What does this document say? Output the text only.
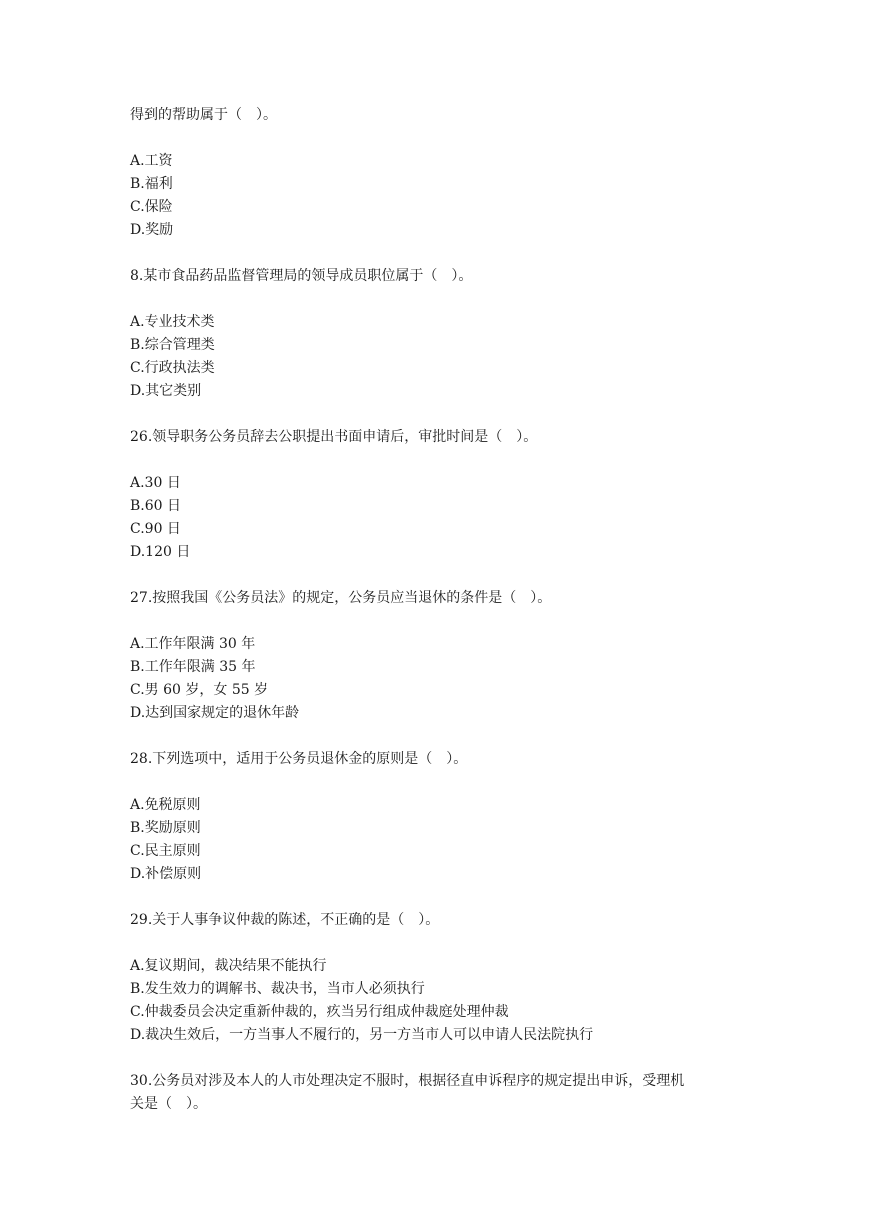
得到的帮助属于（　）。
A.工资
B.福利
C.保险
D.奖励
8.某市食品药品监督管理局的领导成员职位属于（　）。
A.专业技术类
B.综合管理类
C.行政执法类
D.其它类别
26.领导职务公务员辞去公职提出书面申请后，审批时间是（　）。
A.30 日
B.60 日
C.90 日
D.120 日
27.按照我国《公务员法》的规定，公务员应当退休的条件是（　）。
A.工作年限满 30 年
B.工作年限满 35 年
C.男 60 岁，女 55 岁
D.达到国家规定的退休年龄
28.下列选项中，适用于公务员退休金的原则是（　）。
A.免税原则
B.奖励原则
C.民主原则
D.补偿原则
29.关于人事争议仲裁的陈述，不正确的是（　）。
A.复议期间，裁决结果不能执行
B.发生效力的调解书、裁决书，当市人必须执行
C.仲裁委员会决定重新仲裁的，疚当另行组成仲裁庭处理仲裁
D.裁决生效后，一方当事人不履行的，另一方当市人可以申请人民法院执行
30.公务员对涉及本人的人市处理决定不服时，根据径直申诉程序的规定提出申诉，受理机
关是（　）。
